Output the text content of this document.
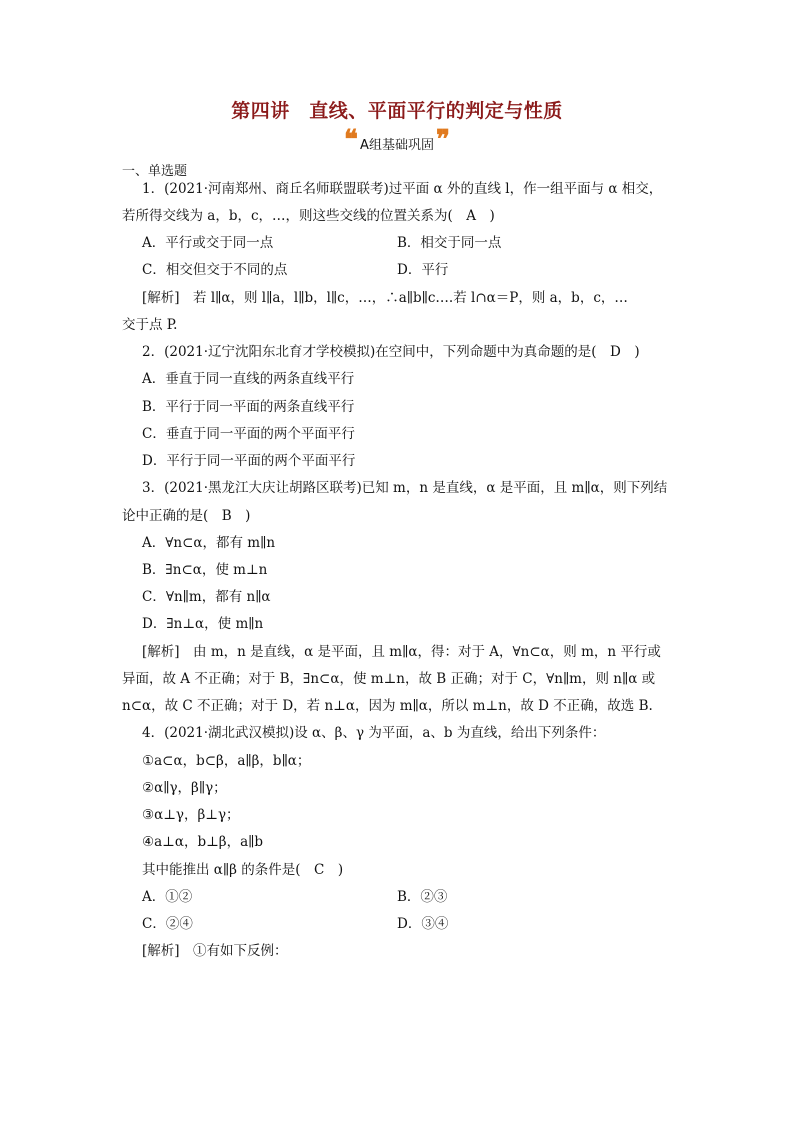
第四讲　直线、平面平行的判定与性质
❝ A组基础巩固 ❞
一、单选题
1．(2021·河南郑州、商丘名师联盟联考)过平面 α 外的直线 l，作一组平面与 α 相交，
若所得交线为 a，b，c，…，则这些交线的位置关系为(　A　)
A．平行或交于同一点	B．相交于同一点
C．相交但交于不同的点	D．平行
[解析]　若 l∥α，则 l∥a，l∥b，l∥c，…，∴a∥b∥c….若 l∩α＝P，则 a，b，c，…
交于点 P.
2．(2021·辽宁沈阳东北育才学校模拟)在空间中，下列命题中为真命题的是(　D　)
A．垂直于同一直线的两条直线平行
B．平行于同一平面的两条直线平行
C．垂直于同一平面的两个平面平行
D．平行于同一平面的两个平面平行
3．(2021·黑龙江大庆让胡路区联考)已知 m，n 是直线，α 是平面，且 m∥α，则下列结
论中正确的是(　B　)
A．∀n⊂α，都有 m∥n
B．∃n⊂α，使 m⊥n
C．∀n∥m，都有 n∥α
D．∃n⊥α，使 m∥n
[解析]　由 m，n 是直线，α 是平面，且 m∥α，得：对于 A，∀n⊂α，则 m，n 平行或
异面，故 A 不正确；对于 B，∃n⊂α，使 m⊥n，故 B 正确；对于 C，∀n∥m，则 n∥α 或
n⊂α，故 C 不正确；对于 D，若 n⊥α，因为 m∥α，所以 m⊥n，故 D 不正确，故选 B.
4．(2021·湖北武汉模拟)设 α、β、γ 为平面，a、b 为直线，给出下列条件：
①a⊂α，b⊂β，a∥β，b∥α；
②α∥γ，β∥γ；
③α⊥γ，β⊥γ；
④a⊥α，b⊥β，a∥b
其中能推出 α∥β 的条件是(　C　)
A．①②	B．②③
C．②④	D．③④
[解析]　①有如下反例：
